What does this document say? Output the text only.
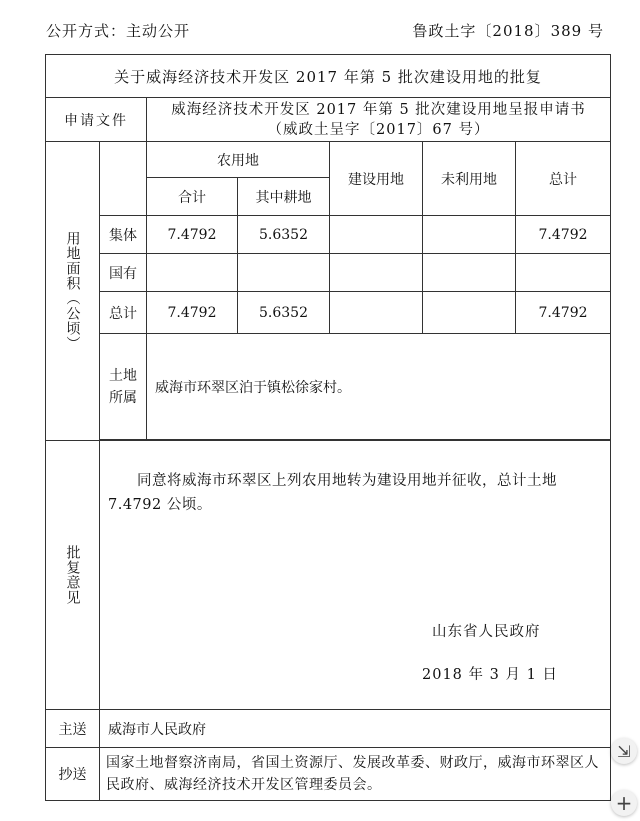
公开方式：主动公开	鲁政土字〔2018〕389 号
关于威海经济技术开发区 2017 年第 5 批次建设用地的批复						
申请文件		威海经济技术开发区 2017 年第 5 批次建设用地呈报申请书
（威政土呈字〔2017〕67 号）				

用地面积（公顷）		农用地		建设用地	未利用地	总计
		合计	其中耕地			
	集体	7.4792	5.6352			7.4792
	国有					
	总计	7.4792	5.6352			7.4792

	土地
所属	威海市环翠区泊于镇松徐家村。				

批复意见	同意将威海市环翠区上列农用地转为建设用地并征收，总计土地 7.4792 公顷。
山东省人民政府
2018 年 3 月 1 日					

主送	威海市人民政府					
抄送	国家土地督察济南局，省国土资源厅、发展改革委、财政厅，威海市环翠区人民政府、威海经济技术开发区管理委员会。					
⇲
+
